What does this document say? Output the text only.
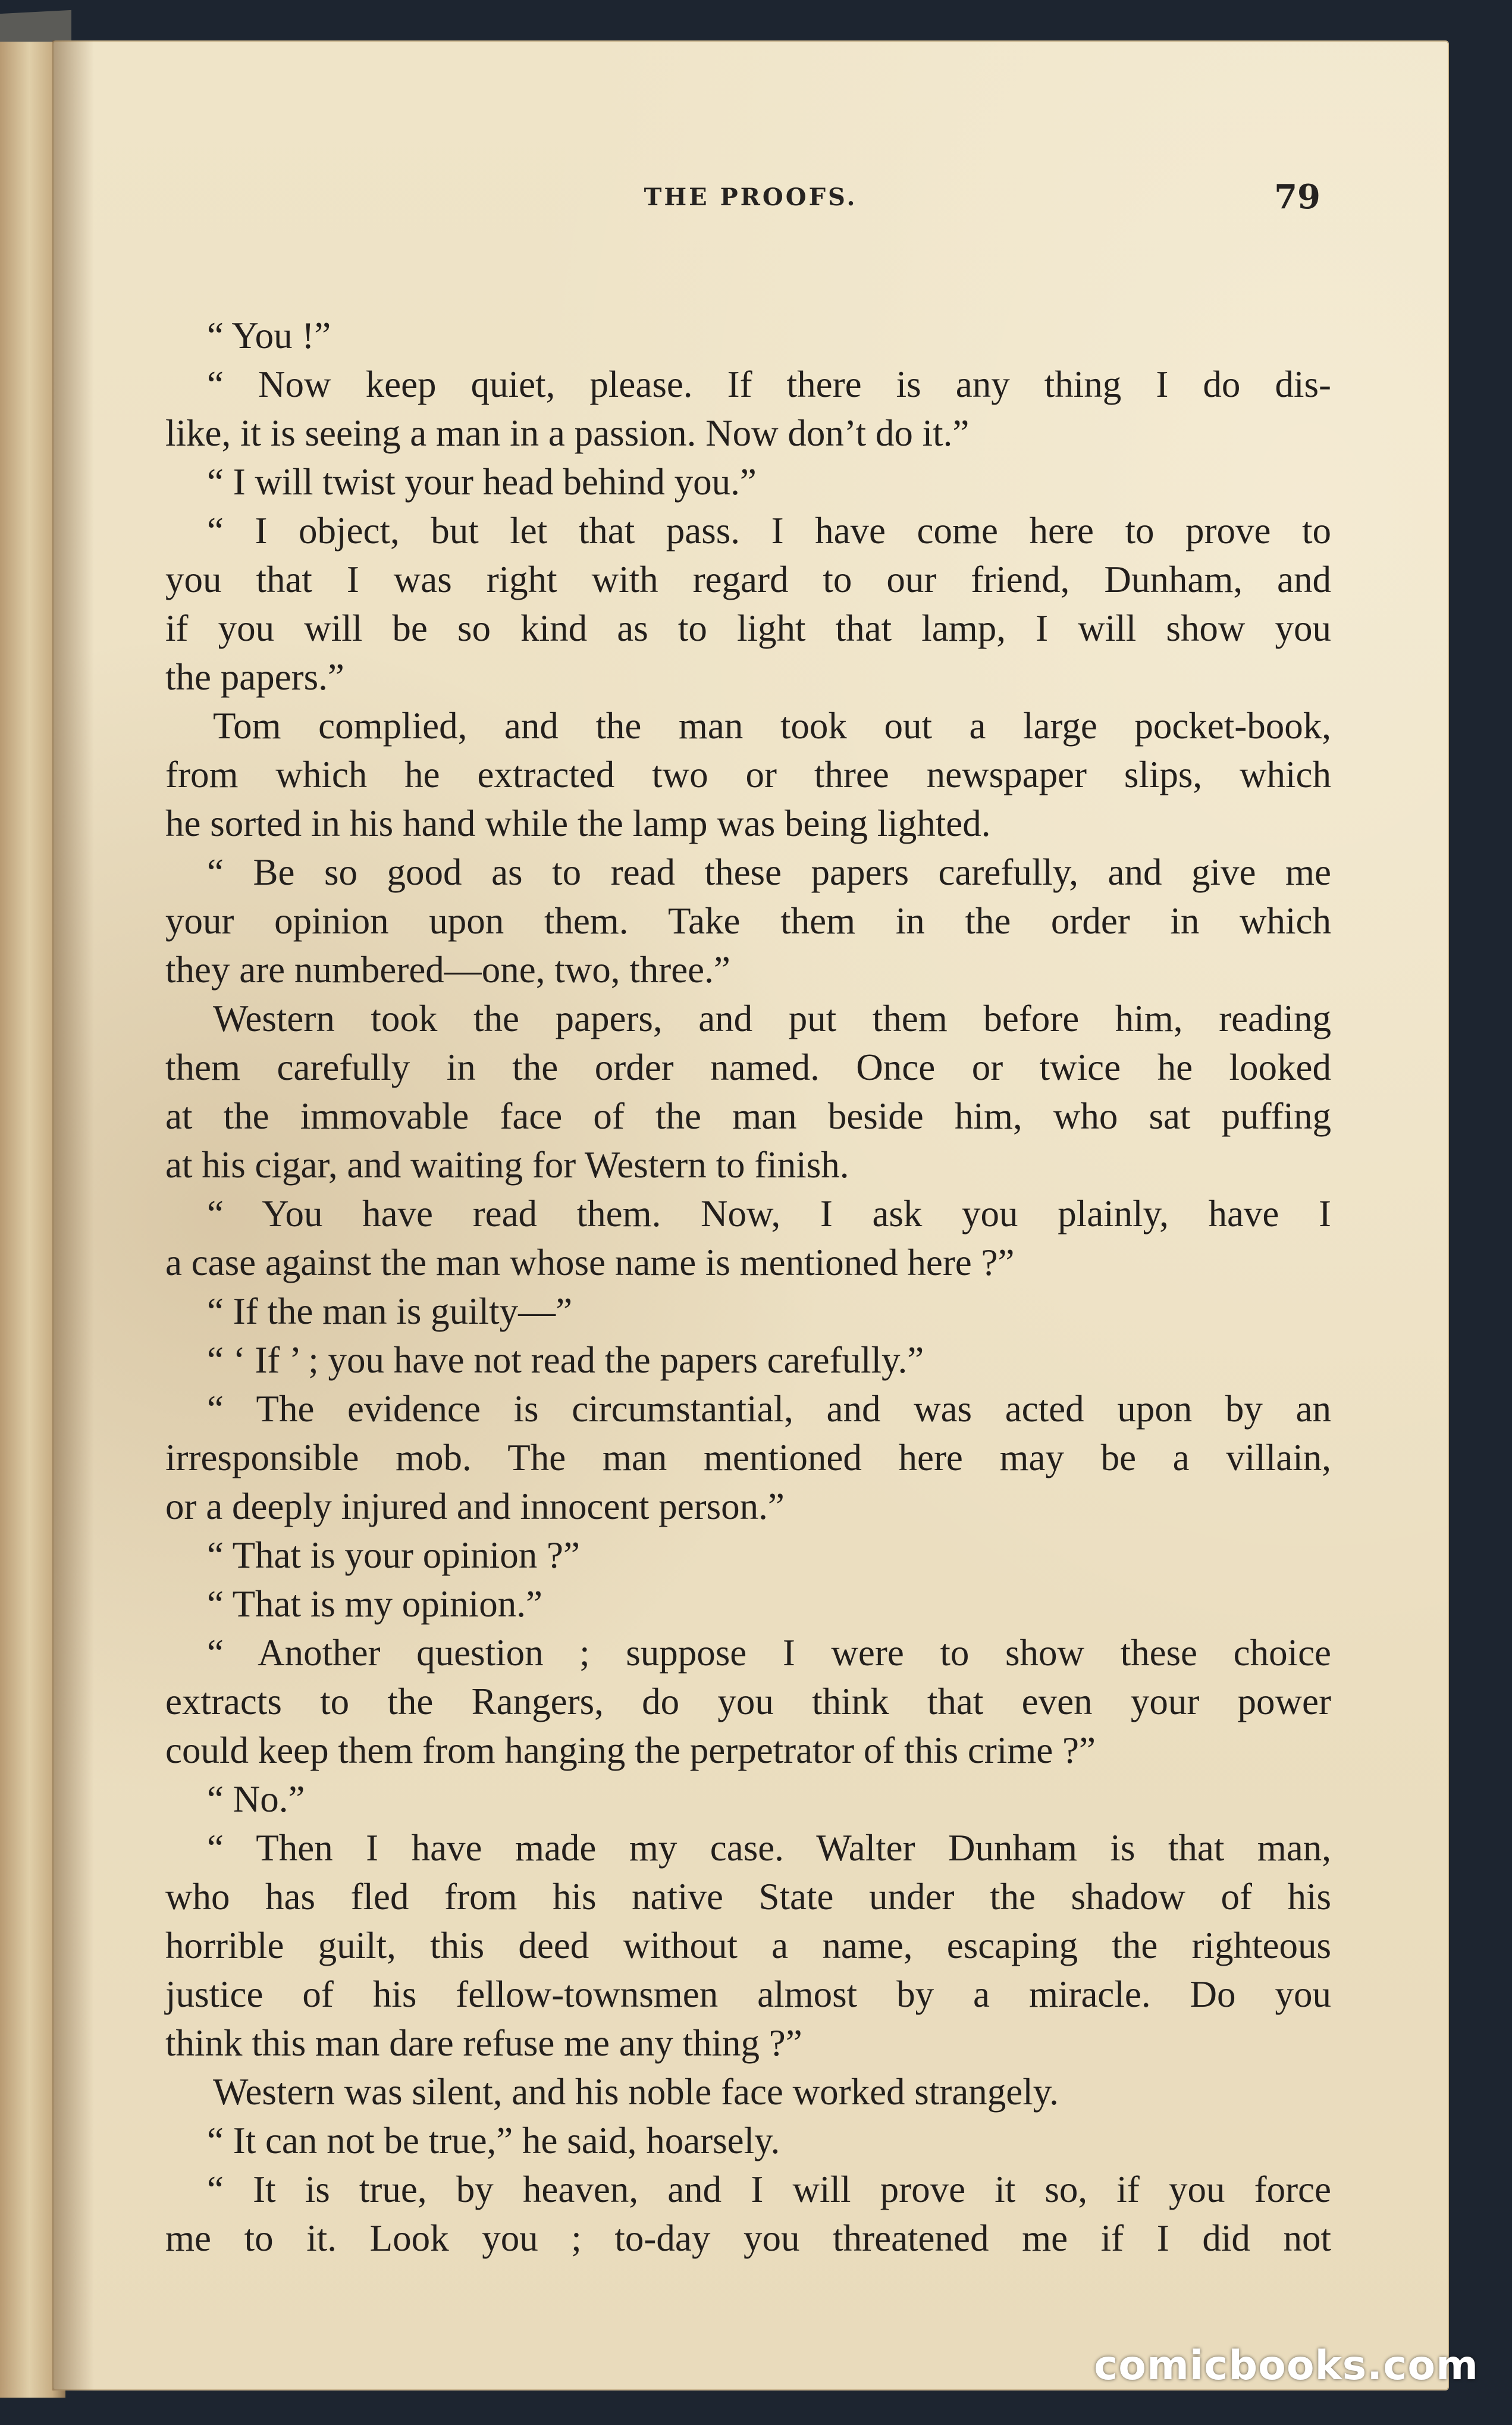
THE PROOFS.	79
“ You !”
“ Now keep quiet, please. If there is any thing I do dis-
like, it is seeing a man in a passion. Now don’t do it.”
“ I will twist your head behind you.”
“ I object, but let that pass. I have come here to prove to
you that I was right with regard to our friend, Dunham, and
if you will be so kind as to light that lamp, I will show you
the papers.”
Tom complied, and the man took out a large pocket-book,
from which he extracted two or three newspaper slips, which
he sorted in his hand while the lamp was being lighted.
“ Be so good as to read these papers carefully, and give me
your opinion upon them. Take them in the order in which
they are numbered—one, two, three.”
Western took the papers, and put them before him, reading
them carefully in the order named. Once or twice he looked
at the immovable face of the man beside him, who sat puffing
at his cigar, and waiting for Western to finish.
“ You have read them. Now, I ask you plainly, have I
a case against the man whose name is mentioned here ?”
“ If the man is guilty—”
“ ‘ If ’ ; you have not read the papers carefully.”
“ The evidence is circumstantial, and was acted upon by an
irresponsible mob. The man mentioned here may be a villain,
or a deeply injured and innocent person.”
“ That is your opinion ?”
“ That is my opinion.”
“ Another question ; suppose I were to show these choice
extracts to the Rangers, do you think that even your power
could keep them from hanging the perpetrator of this crime ?”
“ No.”
“ Then I have made my case. Walter Dunham is that man,
who has fled from his native State under the shadow of his
horrible guilt, this deed without a name, escaping the righteous
justice of his fellow-townsmen almost by a miracle. Do you
think this man dare refuse me any thing ?”
Western was silent, and his noble face worked strangely.
“ It can not be true,” he said, hoarsely.
“ It is true, by heaven, and I will prove it so, if you force
me to it. Look you ; to-day you threatened me if I did not
comicbooks.com
